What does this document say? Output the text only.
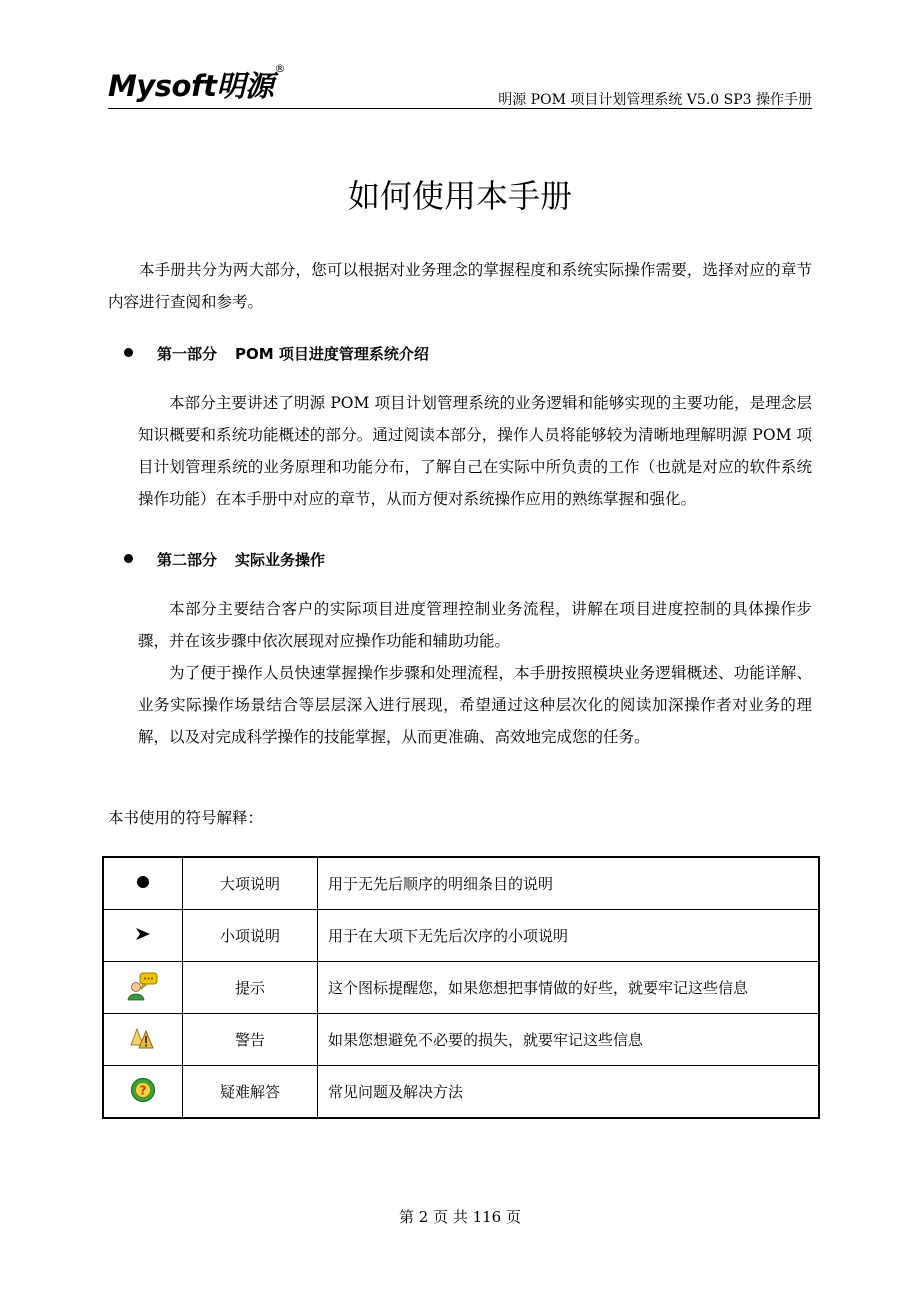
Mysoft明源®
明源 POM 项目计划管理系统 V5.0 SP3 操作手册
如何使用本手册
本手册共分为两大部分，您可以根据对业务理念的掌握程度和系统实际操作需要，选择对应的章节内容进行查阅和参考。
第一部分 POM 项目进度管理系统介绍
本部分主要讲述了明源 POM 项目计划管理系统的业务逻辑和能够实现的主要功能，是理念层知识概要和系统功能概述的部分。通过阅读本部分，操作人员将能够较为清晰地理解明源 POM 项目计划管理系统的业务原理和功能分布，了解自己在实际中所负责的工作（也就是对应的软件系统操作功能）在本手册中对应的章节，从而方便对系统操作应用的熟练掌握和强化。
第二部分 实际业务操作
本部分主要结合客户的实际项目进度管理控制业务流程，讲解在项目进度控制的具体操作步骤，并在该步骤中依次展现对应操作功能和辅助功能。
为了便于操作人员快速掌握操作步骤和处理流程，本手册按照模块业务逻辑概述、功能详解、业务实际操作场景结合等层层深入进行展现，希望通过这种层次化的阅读加深操作者对业务的理解，以及对完成科学操作的技能掌握，从而更准确、高效地完成您的任务。
本书使用的符号解释：
	大项说明	用于无先后顺序的明细条目的说明
	小项说明	用于在大项下无先后次序的小项说明
	提示	这个图标提醒您，如果您想把事情做的好些，就要牢记这些信息
	警告	如果您想避免不必要的损失，就要牢记这些信息

?	疑难解答	常见问题及解决方法
第 2 页 共 116 页
